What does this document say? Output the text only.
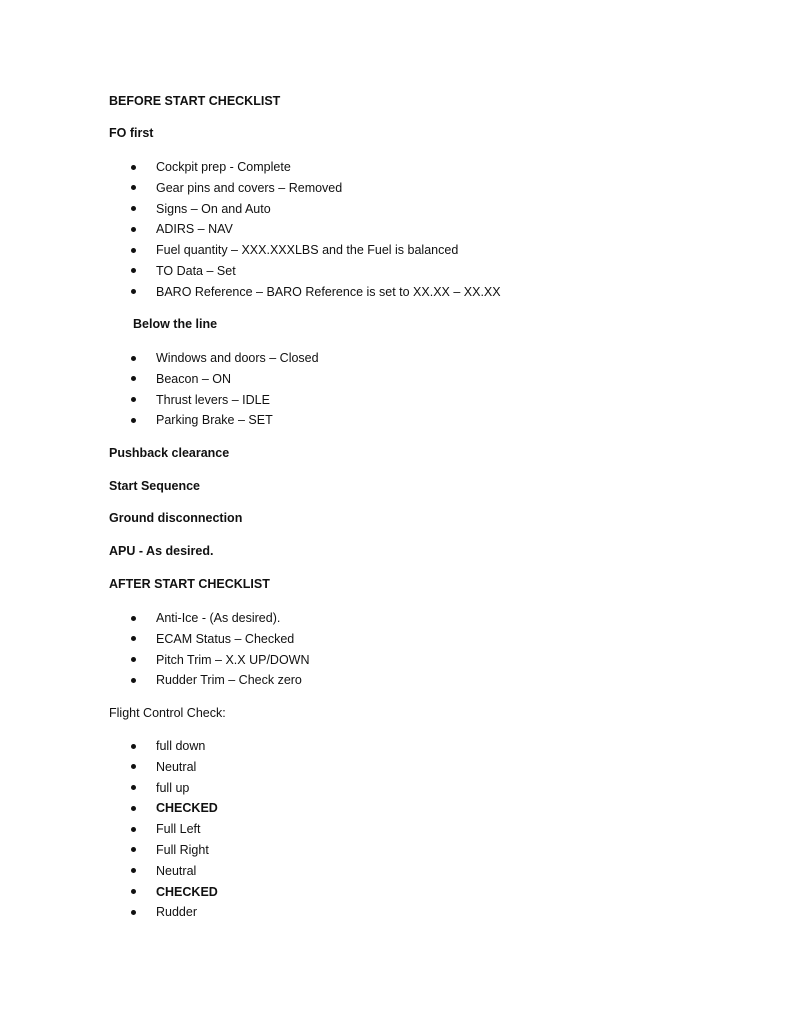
BEFORE START CHECKLIST
FO first
Cockpit prep - Complete
Gear pins and covers – Removed
Signs – On and Auto
ADIRS – NAV
Fuel quantity – XXX.XXXLBS and the Fuel is balanced
TO Data – Set
BARO Reference – BARO Reference is set to XX.XX – XX.XX
Below the line
Windows and doors – Closed
Beacon – ON
Thrust levers – IDLE
Parking Brake – SET
Pushback clearance
Start Sequence
Ground disconnection
APU - As desired.
AFTER START CHECKLIST
Anti-Ice - (As desired).
ECAM Status – Checked
Pitch Trim – X.X UP/DOWN
Rudder Trim – Check zero
Flight Control Check:
full down
Neutral
full up
CHECKED
Full Left
Full Right
Neutral
CHECKED
Rudder
